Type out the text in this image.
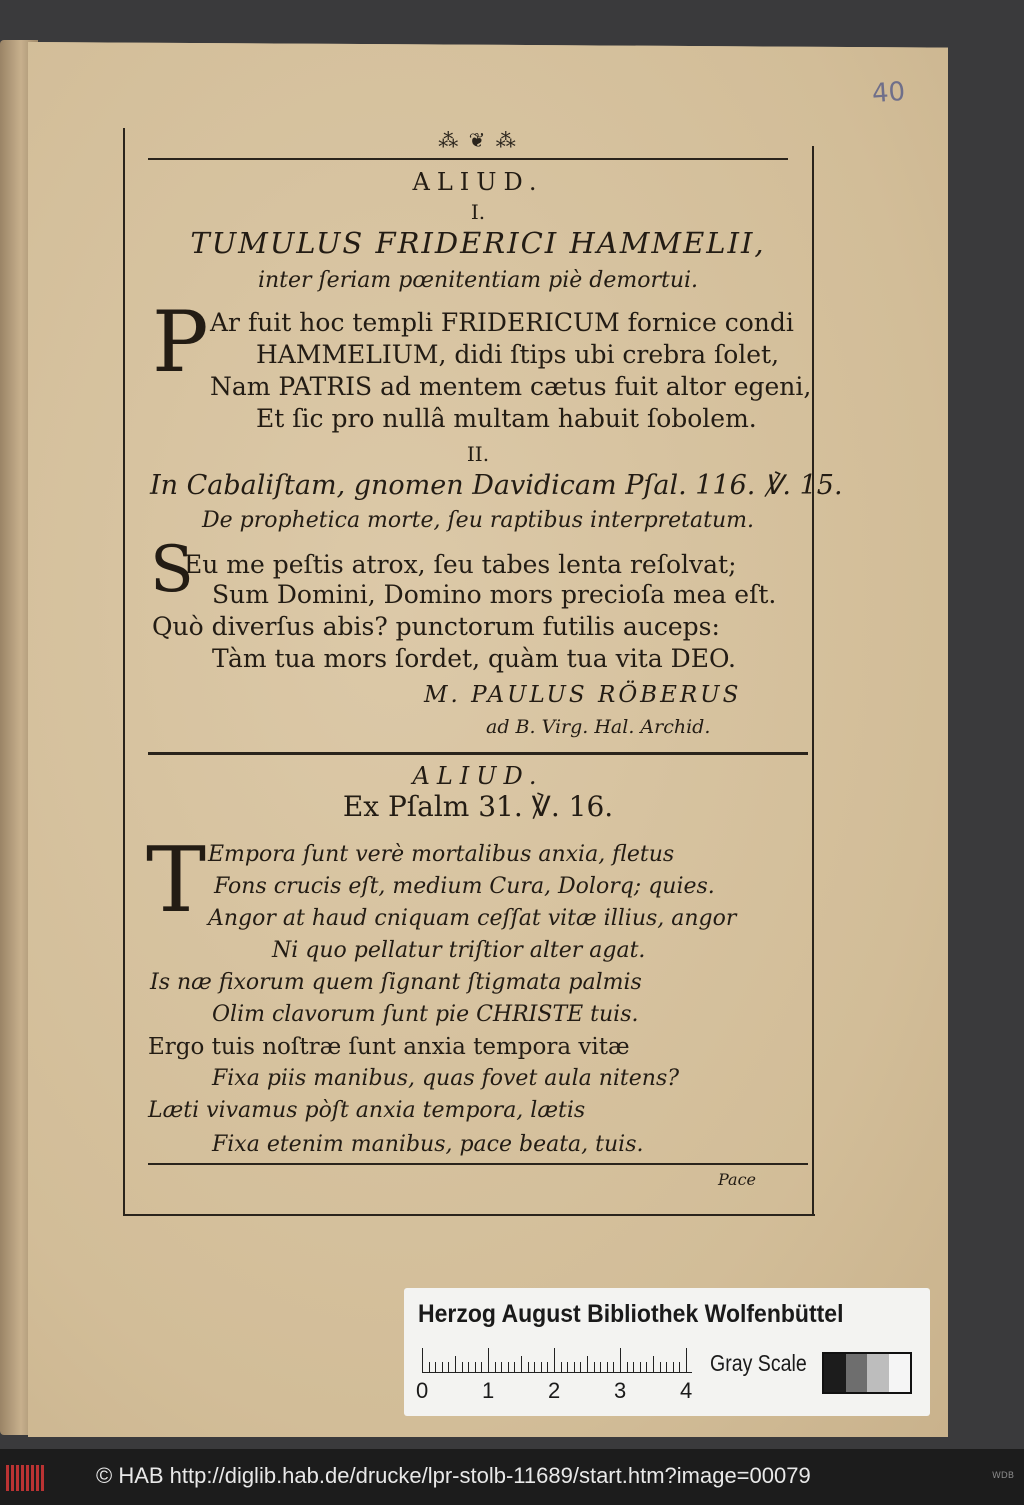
40
⁂ ❦ ⁂
ALIUD.
I.
TUMULUS FRIDERICI HAMMELII,
inter ſeriam pœnitentiam piè demortui.
P Ar fuit hoc templi FRIDERICUM fornice condi
HAMMELIUM, didi ſtips ubi crebra ſolet,
Nam PATRIS ad mentem cætus fuit altor egeni,
Et ſic pro nullâ multam habuit ſobolem.
II.
In Cabaliſtam, gnomen Davidicam Pſal. 116. ℣. 15.
De prophetica morte, ſeu raptibus interpretatum.
S
Eu me peſtis atrox, ſeu tabes lenta reſolvat;
Sum Domini, Domino mors precioſa mea eſt.
Quò diverſus abis? punctorum futilis auceps:
Tàm tua mors ſordet, quàm tua vita DEO.
M. PAULUS RÖBERUS
ad B. Virg. Hal. Archid.
ALIUD.
Ex Pſalm 31. ℣. 16.
T Empora ſunt verè mortalibus anxia, fletus
Fons crucis eſt, medium Cura, Dolorq; quies.
Angor at haud cniquam ceſſat vitæ illius, angor
Ni quo pellatur triſtior alter agat.
Is næ fixorum quem ſignant ſtigmata palmis
Olim clavorum ſunt pie CHRISTE tuis.
Ergo tuis noſtræ ſunt anxia tempora vitæ
Fixa piis manibus, quas fovet aula nitens?
Læti vivamus pòſt anxia tempora, lætis
Fixa etenim manibus, pace beata, tuis.
Pace
Herzog August Bibliothek Wolfenbüttel
0 1 2 3 4
Gray Scale
© HAB http://diglib.hab.de/drucke/lpr-stolb-11689/start.htm?image=00079	WDB
